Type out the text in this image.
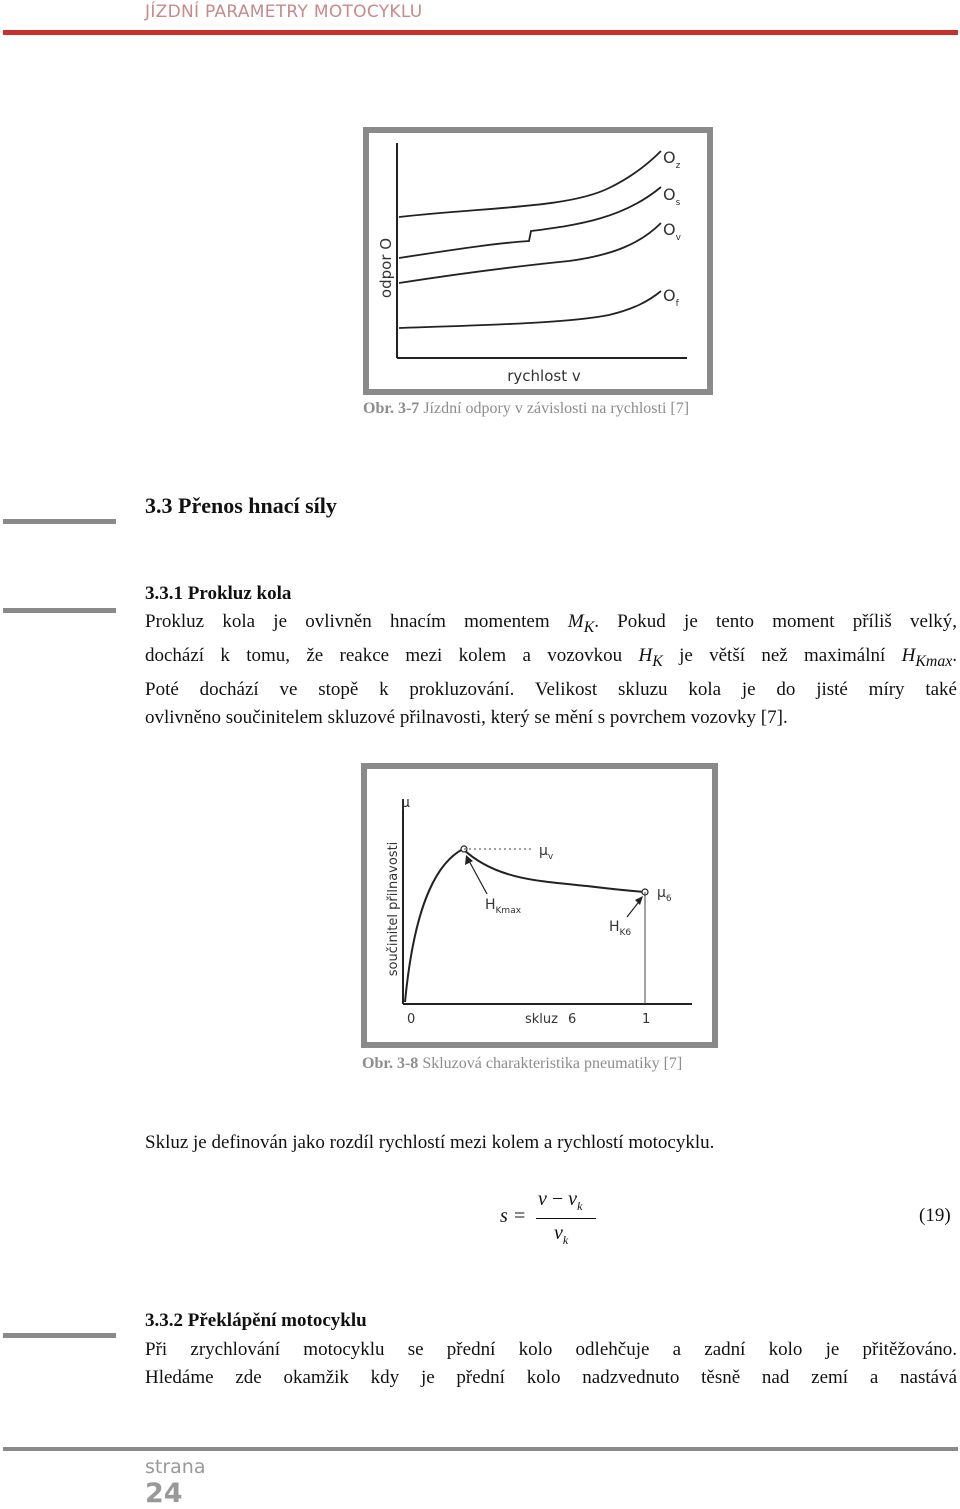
JÍZDNÍ PARAMETRY MOTOCYKLU
odpor O
rychlost v
$O_z$
$O_s$
$O_v$
$O_f$
Obr. 3-7 Jízdní odpory v závislosti na rychlosti [7]
3.3 Přenos hnací síly
3.3.1 Prokluz kola
Prokluz kola je ovlivněn hnacím momentem $M_K$. Pokud je tento moment příliš velký,
dochází k tomu, že reakce mezi kolem a vozovkou $H_K$ je větší než maximální $H_{Kmax}$.
Poté dochází ve stopě k prokluzování. Velikost skluzu kola je do jisté míry také
ovlivněno součinitelem skluzové přilnavosti, který se mění s povrchem vozovky [7].
součinitel přilnavosti
μ
$\mu_v$
$\mu_6$
$H_{Kmax}$
$H_{K6}$
0	1
skluz 6
Obr. 3-8 Skluzová charakteristika pneumatiky [7]
Skluz je definován jako rozdíl rychlostí mezi kolem a rychlostí motocyklu.
s =
$v - v_k$
$v_k$
(19)
3.3.2 Překlápění motocyklu
Při zrychlování motocyklu se přední kolo odlehčuje a zadní kolo je přitěžováno.
Hledáme zde okamžik kdy je přední kolo nadzvednuto těsně nad zemí a nastává
strana
24
